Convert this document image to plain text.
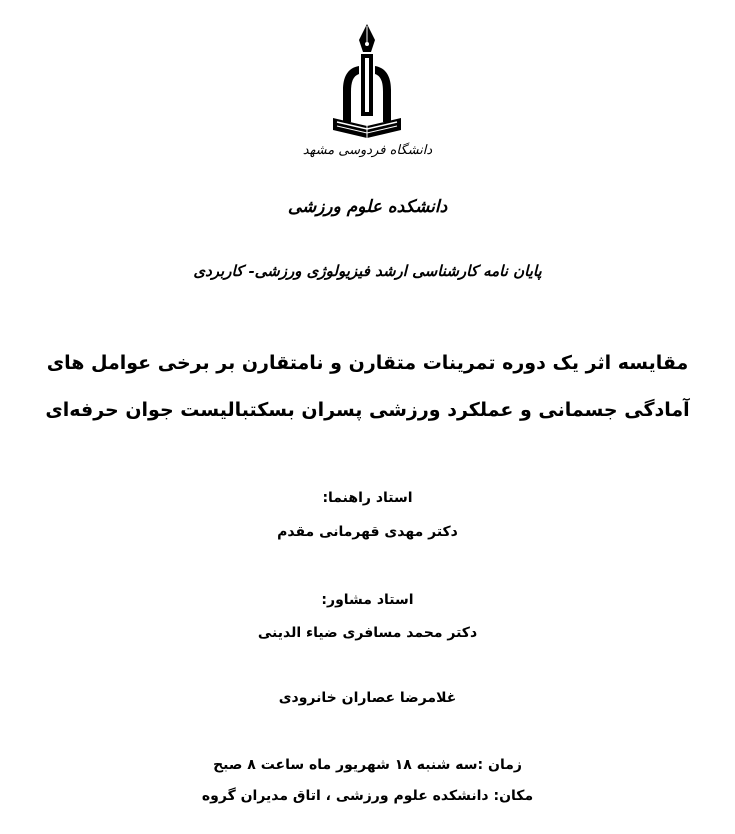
دانشگاه فردوسی مشهد
دانشکده علوم ورزشی
پایان نامه کارشناسی ارشد فیزیولوژی ورزشی- کاربردی
مقایسه اثر یک دوره تمرینات متقارن و نامتقارن بر برخی عوامل های
آمادگی جسمانی و عملکرد ورزشی پسران بسکتبالیست جوان حرفه‌ای
استاد راهنما:
دکتر مهدی قهرمانی مقدم
استاد مشاور:
دکتر محمد مسافری ضیاء الدینی
غلامرضا عصاران خانرودی
زمان :سه شنبه ۱۸ شهریور ماه ساعت ۸ صبح
مکان: دانشکده علوم ورزشی ، اتاق مدیران گروه
